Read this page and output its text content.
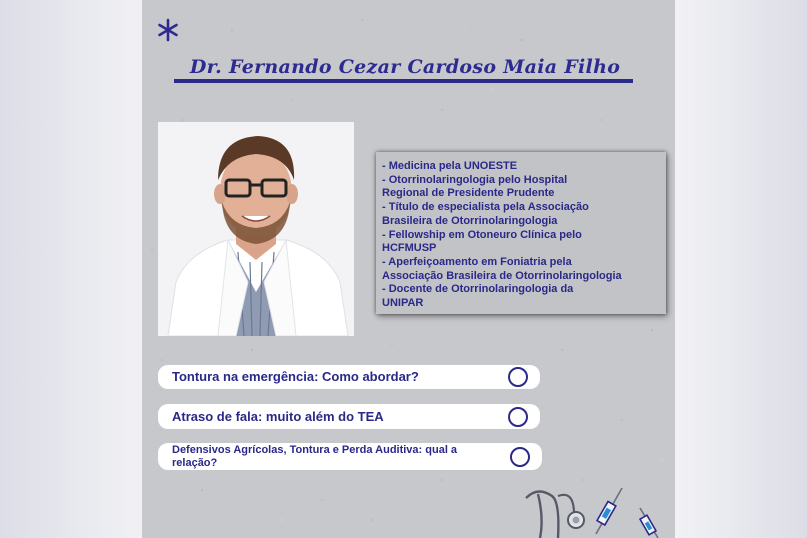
Dr. Fernando Cezar Cardoso Maia Filho
- Medicina pela UNOESTE
- Otorrinolaringologia pelo Hospital
Regional de Presidente Prudente
- Título de especialista pela Associação
Brasileira de Otorrinolaringologia
- Fellowship em Otoneuro Clínica pelo
HCFMUSP
- Aperfeiçoamento em Foniatria pela
Associação Brasileira de Otorrinolaringologia
- Docente de Otorrinolaringologia da
UNIPAR
Tontura na emergência: Como abordar?
Atraso de fala: muito além do TEA
Defensivos Agrícolas, Tontura e Perda Auditiva: qual a
relação?
